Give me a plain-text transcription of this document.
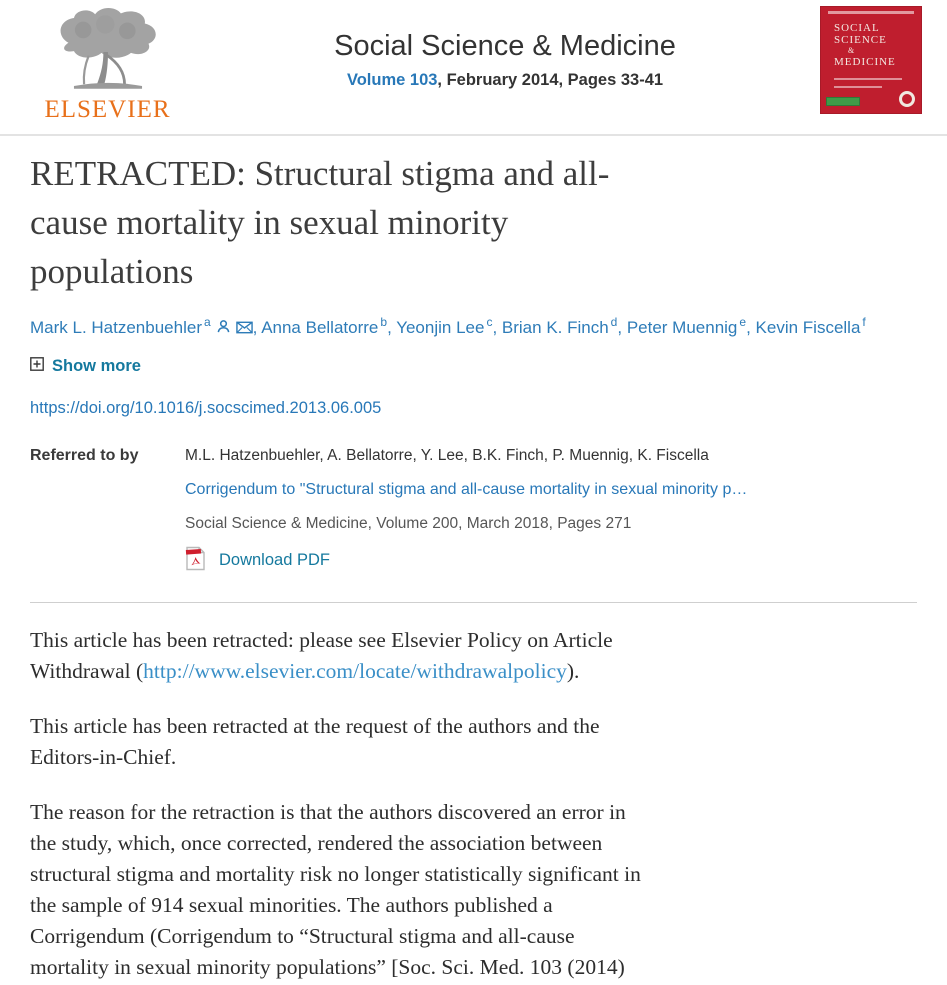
ELSEVIER
Social Science & Medicine
Volume 103, February 2014, Pages 33-41
SOCIAL
SCIENCE
&
MEDICINE
RETRACTED: Structural stigma and all-
cause mortality in sexual minority
populations
Mark L. Hatzenbuehler $^a$ , Anna Bellatorre $^b$, Yeonjin Lee $^c$, Brian K. Finch $^d$, Peter Muennig $^e$, Kevin Fiscella $^f$
Show more
https://doi.org/10.1016/j.socscimed.2013.06.005
Referred to by	M.L. Hatzenbuehler, A. Bellatorre, Y. Lee, B.K. Finch, P. Muennig, K. Fiscella
Corrigendum to "Structural stigma and all-cause mortality in sexual minority p…
Social Science & Medicine, Volume 200, March 2018, Pages 271
Download PDF

This article has been retracted: please see Elsevier Policy on Article
Withdrawal (http://www.elsevier.com/locate/withdrawalpolicy).

This article has been retracted at the request of the authors and the
Editors-in-Chief.

The reason for the retraction is that the authors discovered an error in
the study, which, once corrected, rendered the association between
structural stigma and mortality risk no longer statistically significant in
the sample of 914 sexual minorities. The authors published a
Corrigendum (Corrigendum to “Structural stigma and all-cause
mortality in sexual minority populations” [Soc. Sci. Med. 103 (2014)
